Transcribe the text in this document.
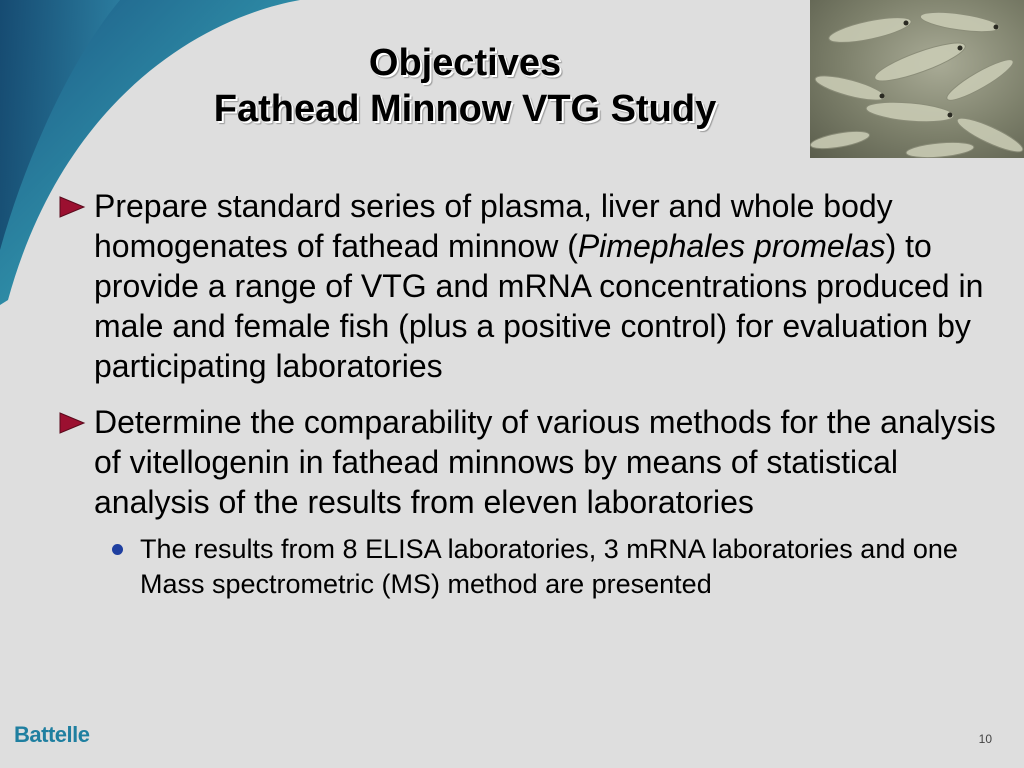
Objectives
Fathead Minnow VTG Study
Prepare standard series of plasma, liver and whole body homogenates of fathead minnow (Pimephales promelas) to provide a range of VTG and mRNA concentrations produced in male and female fish (plus a positive control) for evaluation by participating laboratories
Determine the comparability of various methods for the analysis of vitellogenin in fathead minnows by means of statistical analysis of the results from eleven laboratories
The results from 8 ELISA laboratories, 3 mRNA laboratories and one Mass spectrometric (MS) method are presented
Battelle	10
